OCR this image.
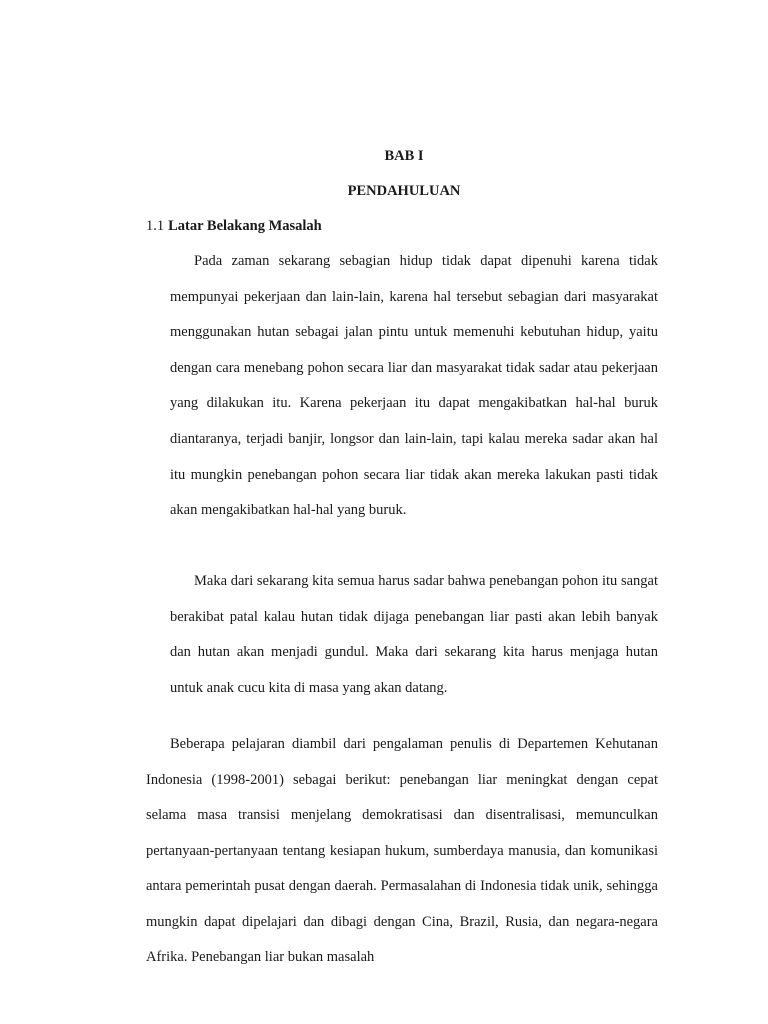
BAB I
PENDAHULUAN
1.1 Latar Belakang Masalah

Pada zaman sekarang sebagian hidup tidak dapat dipenuhi karena tidak mempunyai pekerjaan dan lain-lain, karena hal tersebut sebagian dari masyarakat menggunakan hutan sebagai jalan pintu untuk memenuhi kebutuhan hidup, yaitu dengan cara menebang pohon secara liar dan masyarakat tidak sadar atau pekerjaan yang dilakukan itu. Karena pekerjaan itu dapat mengakibatkan hal-hal buruk diantaranya, terjadi banjir, longsor dan lain-lain, tapi kalau mereka sadar akan hal itu mungkin penebangan pohon secara liar tidak akan mereka lakukan pasti tidak akan mengakibatkan hal-hal yang buruk.

Maka dari sekarang kita semua harus sadar bahwa penebangan pohon itu sangat berakibat patal kalau hutan tidak dijaga penebangan liar pasti akan lebih banyak dan hutan akan menjadi gundul. Maka dari sekarang kita harus menjaga hutan untuk anak cucu kita di masa yang akan datang.

Beberapa pelajaran diambil dari pengalaman penulis di Departemen Kehutanan Indonesia (1998-2001) sebagai berikut: penebangan liar meningkat dengan cepat selama masa transisi menjelang demokratisasi dan disentralisasi, memunculkan pertanyaan-pertanyaan tentang kesiapan hukum, sumberdaya manusia, dan komunikasi antara pemerintah pusat dengan daerah. Permasalahan di Indonesia tidak unik, sehingga mungkin dapat dipelajari dan dibagi dengan Cina, Brazil, Rusia, dan negara-negara Afrika. Penebangan liar bukan masalah
